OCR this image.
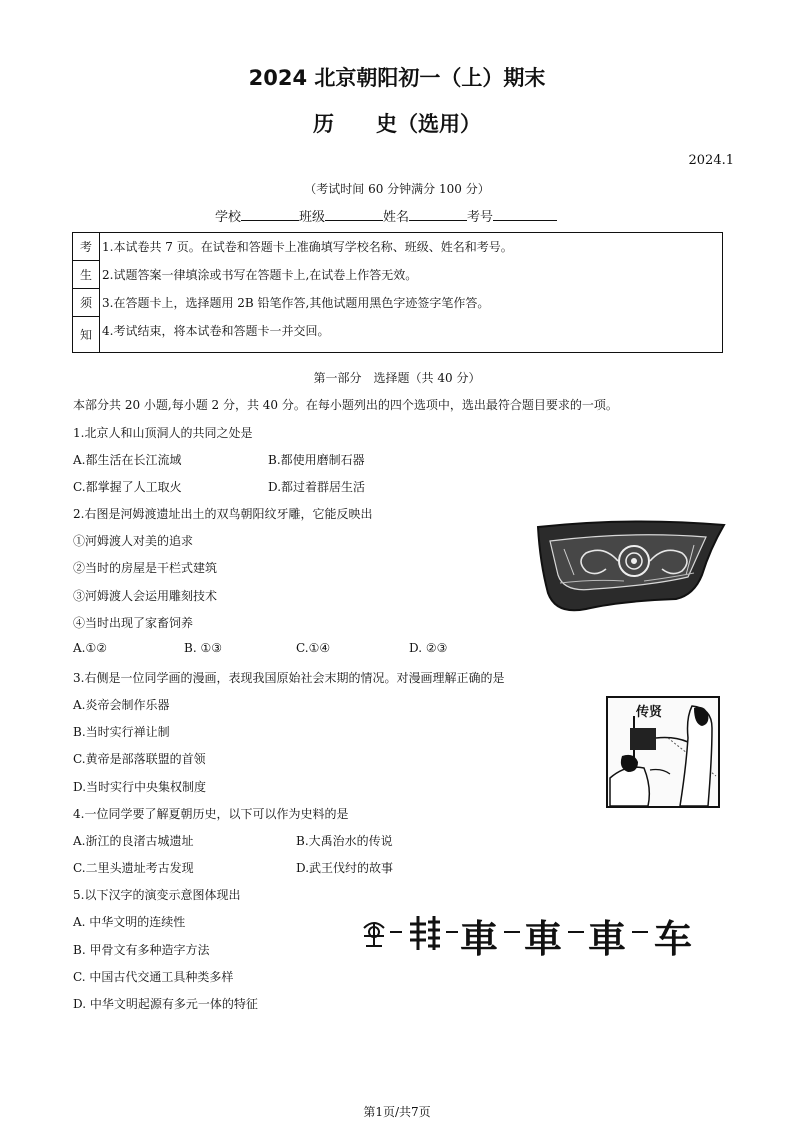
2024 北京朝阳初一（上）期末
历　　史（选用）
2024.1
（考试时间 60 分钟满分 100 分）
学校	班级	姓名	考号
考	1.本试卷共 7 页。在试卷和答题卡上准确填写学校名称、班级、姓名和考号。
生	2.试题答案一律填涂或书写在答题卡上,在试卷上作答无效。
须	3.在答题卡上，选择题用 2B 铅笔作答,其他试题用黑色字迹签字笔作答。
知	4.考试结束，将本试卷和答题卡一并交回。
第一部分　选择题（共 40 分）
本部分共 20 小题,每小题 2 分，共 40 分。在每小题列出的四个选项中，选出最符合题目要求的一项。
1.北京人和山顶洞人的共同之处是
A.都生活在长江流域	B.都使用磨制石器
C.都掌握了人工取火	D.都过着群居生活
2.右图是河姆渡遗址出土的双鸟朝阳纹牙雕，它能反映出
①河姆渡人对美的追求
②当时的房屋是干栏式建筑
③河姆渡人会运用雕刻技术
④当时出现了家畜饲养
A.①②	B. ①③	C.①④	D. ②③
3.右侧是一位同学画的漫画，表现我国原始社会末期的情况。对漫画理解正确的是
A.炎帝会制作乐器
B.当时实行禅让制
C.黄帝是部落联盟的首领
D.当时实行中央集权制度
传贤
4.一位同学要了解夏朝历史，以下可以作为史料的是
A.浙江的良渚古城遗址	B.大禹治水的传说
C.二里头遗址考古发现	D.武王伐纣的故事
5.以下汉字的演变示意图体现出
A. 中华文明的连续性
B. 甲骨文有多种造字方法
C. 中国古代交通工具种类多样
D. 中华文明起源有多元一体的特征
車 車 車 车
第1页/共7页
